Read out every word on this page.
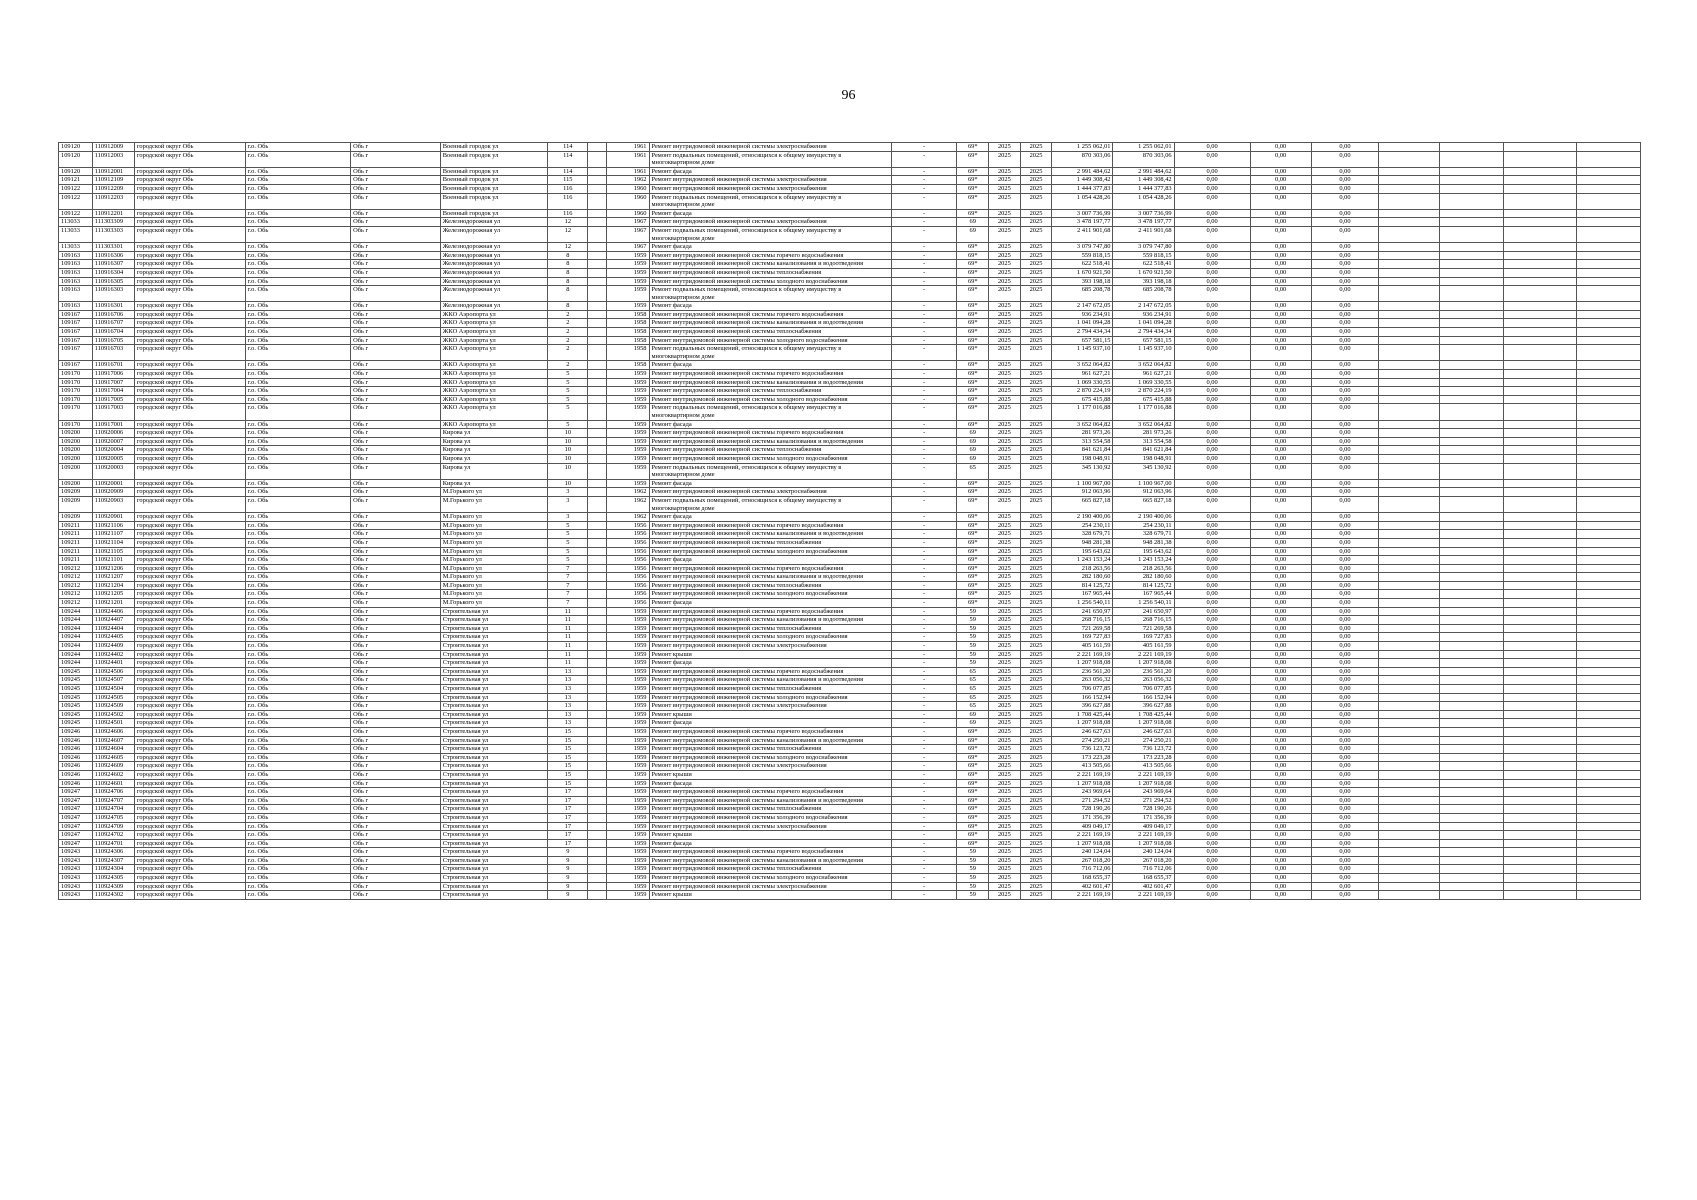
96
109120	110912009	городской округ Обь	г.о. Обь	Обь г	Военный городок ул	114		1961	Ремонт внутридомовой инженерной системы электроснабжения	-	69*	2025	2025	1 255 062,01	1 255 062,01	0,00	0,00	0,00				
109120	110912003	городской округ Обь	г.о. Обь	Обь г	Военный городок ул	114		1961	Ремонт подвальных помещений, относящихся к общему имуществу в многоквартирном доме	-	69*	2025	2025	870 303,06	870 303,06	0,00	0,00	0,00				
109120	110912001	городской округ Обь	г.о. Обь	Обь г	Военный городок ул	114		1961	Ремонт фасада	-	69*	2025	2025	2 991 484,62	2 991 484,62	0,00	0,00	0,00				
109121	110912109	городской округ Обь	г.о. Обь	Обь г	Военный городок ул	115		1962	Ремонт внутридомовой инженерной системы электроснабжения	-	69*	2025	2025	1 449 308,42	1 449 308,42	0,00	0,00	0,00				
109122	110912209	городской округ Обь	г.о. Обь	Обь г	Военный городок ул	116		1960	Ремонт внутридомовой инженерной системы электроснабжения	-	69*	2025	2025	1 444 377,83	1 444 377,83	0,00	0,00	0,00				
109122	110912203	городской округ Обь	г.о. Обь	Обь г	Военный городок ул	116		1960	Ремонт подвальных помещений, относящихся к общему имуществу в многоквартирном доме	-	69*	2025	2025	1 054 428,26	1 054 428,26	0,00	0,00	0,00				
109122	110912201	городской округ Обь	г.о. Обь	Обь г	Военный городок ул	116		1960	Ремонт фасада	-	69*	2025	2025	3 007 736,99	3 007 736,99	0,00	0,00	0,00				
113033	111303309	городской округ Обь	г.о. Обь	Обь г	Железнодорожная ул	12		1967	Ремонт внутридомовой инженерной системы электроснабжения	-	69	2025	2025	3 478 197,77	3 478 197,77	0,00	0,00	0,00				
113033	111303303	городской округ Обь	г.о. Обь	Обь г	Железнодорожная ул	12		1967	Ремонт подвальных помещений, относящихся к общему имуществу в многоквартирном доме	-	69	2025	2025	2 411 901,68	2 411 901,68	0,00	0,00	0,00				
113033	111303301	городской округ Обь	г.о. Обь	Обь г	Железнодорожная ул	12		1967	Ремонт фасада	-	69*	2025	2025	3 079 747,80	3 079 747,80	0,00	0,00	0,00				
109163	110916306	городской округ Обь	г.о. Обь	Обь г	Железнодорожная ул	8		1959	Ремонт внутридомовой инженерной системы горячего водоснабжения	-	69*	2025	2025	559 818,15	559 818,15	0,00	0,00	0,00				
109163	110916307	городской округ Обь	г.о. Обь	Обь г	Железнодорожная ул	8		1959	Ремонт внутридомовой инженерной системы канализования и водоотведения	-	69*	2025	2025	622 518,41	622 518,41	0,00	0,00	0,00				
109163	110916304	городской округ Обь	г.о. Обь	Обь г	Железнодорожная ул	8		1959	Ремонт внутридомовой инженерной системы теплоснабжения	-	69*	2025	2025	1 670 921,50	1 670 921,50	0,00	0,00	0,00				
109163	110916305	городской округ Обь	г.о. Обь	Обь г	Железнодорожная ул	8		1959	Ремонт внутридомовой инженерной системы холодного водоснабжения	-	69*	2025	2025	393 198,18	393 198,18	0,00	0,00	0,00				
109163	110916303	городской округ Обь	г.о. Обь	Обь г	Железнодорожная ул	8		1959	Ремонт подвальных помещений, относящихся к общему имуществу в многоквартирном доме	-	69*	2025	2025	685 208,78	685 208,78	0,00	0,00	0,00				
109163	110916301	городской округ Обь	г.о. Обь	Обь г	Железнодорожная ул	8		1959	Ремонт фасада	-	69*	2025	2025	2 147 672,05	2 147 672,05	0,00	0,00	0,00				
109167	110916706	городской округ Обь	г.о. Обь	Обь г	ЖКО Аэропорта ул	2		1958	Ремонт внутридомовой инженерной системы горячего водоснабжения	-	69*	2025	2025	936 234,91	936 234,91	0,00	0,00	0,00				
109167	110916707	городской округ Обь	г.о. Обь	Обь г	ЖКО Аэропорта ул	2		1958	Ремонт внутридомовой инженерной системы канализования и водоотведения	-	69*	2025	2025	1 041 094,28	1 041 094,28	0,00	0,00	0,00				
109167	110916704	городской округ Обь	г.о. Обь	Обь г	ЖКО Аэропорта ул	2		1958	Ремонт внутридомовой инженерной системы теплоснабжения	-	69*	2025	2025	2 794 434,34	2 794 434,34	0,00	0,00	0,00				
109167	110916705	городской округ Обь	г.о. Обь	Обь г	ЖКО Аэропорта ул	2		1958	Ремонт внутридомовой инженерной системы холодного водоснабжения	-	69*	2025	2025	657 581,15	657 581,15	0,00	0,00	0,00				
109167	110916703	городской округ Обь	г.о. Обь	Обь г	ЖКО Аэропорта ул	2		1958	Ремонт подвальных помещений, относящихся к общему имуществу в многоквартирном доме	-	69*	2025	2025	1 145 937,10	1 145 937,10	0,00	0,00	0,00				
109167	110916701	городской округ Обь	г.о. Обь	Обь г	ЖКО Аэропорта ул	2		1958	Ремонт фасада	-	69*	2025	2025	3 652 064,82	3 652 064,82	0,00	0,00	0,00				
109170	110917006	городской округ Обь	г.о. Обь	Обь г	ЖКО Аэропорта ул	5		1959	Ремонт внутридомовой инженерной системы горячего водоснабжения	-	69*	2025	2025	961 627,21	961 627,21	0,00	0,00	0,00				
109170	110917007	городской округ Обь	г.о. Обь	Обь г	ЖКО Аэропорта ул	5		1959	Ремонт внутридомовой инженерной системы канализования и водоотведения	-	69*	2025	2025	1 069 330,55	1 069 330,55	0,00	0,00	0,00				
109170	110917004	городской округ Обь	г.о. Обь	Обь г	ЖКО Аэропорта ул	5		1959	Ремонт внутридомовой инженерной системы теплоснабжения	-	69*	2025	2025	2 870 224,19	2 870 224,19	0,00	0,00	0,00				
109170	110917005	городской округ Обь	г.о. Обь	Обь г	ЖКО Аэропорта ул	5		1959	Ремонт внутридомовой инженерной системы холодного водоснабжения	-	69*	2025	2025	675 415,88	675 415,88	0,00	0,00	0,00				
109170	110917003	городской округ Обь	г.о. Обь	Обь г	ЖКО Аэропорта ул	5		1959	Ремонт подвальных помещений, относящихся к общему имуществу в многоквартирном доме	-	69*	2025	2025	1 177 016,88	1 177 016,88	0,00	0,00	0,00				
109170	110917001	городской округ Обь	г.о. Обь	Обь г	ЖКО Аэропорта ул	5		1959	Ремонт фасада	-	69*	2025	2025	3 652 064,82	3 652 064,82	0,00	0,00	0,00				
109200	110920006	городской округ Обь	г.о. Обь	Обь г	Кирова ул	10		1959	Ремонт внутридомовой инженерной системы горячего водоснабжения	-	69	2025	2025	281 973,26	281 973,26	0,00	0,00	0,00				
109200	110920007	городской округ Обь	г.о. Обь	Обь г	Кирова ул	10		1959	Ремонт внутридомовой инженерной системы канализования и водоотведения	-	69	2025	2025	313 554,58	313 554,58	0,00	0,00	0,00				
109200	110920004	городской округ Обь	г.о. Обь	Обь г	Кирова ул	10		1959	Ремонт внутридомовой инженерной системы теплоснабжения	-	69	2025	2025	841 621,84	841 621,84	0,00	0,00	0,00				
109200	110920005	городской округ Обь	г.о. Обь	Обь г	Кирова ул	10		1959	Ремонт внутридомовой инженерной системы холодного водоснабжения	-	69	2025	2025	198 048,91	198 048,91	0,00	0,00	0,00				
109200	110920003	городской округ Обь	г.о. Обь	Обь г	Кирова ул	10		1959	Ремонт подвальных помещений, относящихся к общему имуществу в многоквартирном доме	-	65	2025	2025	345 130,92	345 130,92	0,00	0,00	0,00				
109200	110920001	городской округ Обь	г.о. Обь	Обь г	Кирова ул	10		1959	Ремонт фасада	-	69*	2025	2025	1 100 967,00	1 100 967,00	0,00	0,00	0,00				
109209	110920909	городской округ Обь	г.о. Обь	Обь г	М.Горького ул	3		1962	Ремонт внутридомовой инженерной системы электроснабжения	-	69*	2025	2025	912 063,96	912 063,96	0,00	0,00	0,00				
109209	110920903	городской округ Обь	г.о. Обь	Обь г	М.Горького ул	3		1962	Ремонт подвальных помещений, относящихся к общему имуществу в многоквартирном доме	-	69*	2025	2025	665 827,18	665 827,18	0,00	0,00	0,00				
109209	110920901	городской округ Обь	г.о. Обь	Обь г	М.Горького ул	3		1962	Ремонт фасада	-	69*	2025	2025	2 190 400,06	2 190 400,06	0,00	0,00	0,00				
109211	110921106	городской округ Обь	г.о. Обь	Обь г	М.Горького ул	5		1956	Ремонт внутридомовой инженерной системы горячего водоснабжения	-	69*	2025	2025	254 230,11	254 230,11	0,00	0,00	0,00				
109211	110921107	городской округ Обь	г.о. Обь	Обь г	М.Горького ул	5		1956	Ремонт внутридомовой инженерной системы канализования и водоотведения	-	69*	2025	2025	328 679,71	328 679,71	0,00	0,00	0,00				
109211	110921104	городской округ Обь	г.о. Обь	Обь г	М.Горького ул	5		1956	Ремонт внутридомовой инженерной системы теплоснабжения	-	69*	2025	2025	948 281,38	948 281,38	0,00	0,00	0,00				
109211	110921105	городской округ Обь	г.о. Обь	Обь г	М.Горького ул	5		1956	Ремонт внутридомовой инженерной системы холодного водоснабжения	-	69*	2025	2025	195 643,62	195 643,62	0,00	0,00	0,00				
109211	110921101	городской округ Обь	г.о. Обь	Обь г	М.Горького ул	5		1956	Ремонт фасада	-	69*	2025	2025	1 243 153,24	1 243 153,24	0,00	0,00	0,00				
109212	110921206	городской округ Обь	г.о. Обь	Обь г	М.Горького ул	7		1956	Ремонт внутридомовой инженерной системы горячего водоснабжения	-	69*	2025	2025	218 263,56	218 263,56	0,00	0,00	0,00				
109212	110921207	городской округ Обь	г.о. Обь	Обь г	М.Горького ул	7		1956	Ремонт внутридомовой инженерной системы канализования и водоотведения	-	69*	2025	2025	282 180,60	282 180,60	0,00	0,00	0,00				
109212	110921204	городской округ Обь	г.о. Обь	Обь г	М.Горького ул	7		1956	Ремонт внутридомовой инженерной системы теплоснабжения	-	69*	2025	2025	814 125,72	814 125,72	0,00	0,00	0,00				
109212	110921205	городской округ Обь	г.о. Обь	Обь г	М.Горького ул	7		1956	Ремонт внутридомовой инженерной системы холодного водоснабжения	-	69*	2025	2025	167 965,44	167 965,44	0,00	0,00	0,00				
109212	110921201	городской округ Обь	г.о. Обь	Обь г	М.Горького ул	7		1956	Ремонт фасада	-	69*	2025	2025	1 256 540,11	1 256 540,11	0,00	0,00	0,00				
109244	110924406	городской округ Обь	г.о. Обь	Обь г	Строительная ул	11		1959	Ремонт внутридомовой инженерной системы горячего водоснабжения	-	59	2025	2025	241 650,97	241 650,97	0,00	0,00	0,00				
109244	110924407	городской округ Обь	г.о. Обь	Обь г	Строительная ул	11		1959	Ремонт внутридомовой инженерной системы канализования и водоотведения	-	59	2025	2025	268 716,15	268 716,15	0,00	0,00	0,00				
109244	110924404	городской округ Обь	г.о. Обь	Обь г	Строительная ул	11		1959	Ремонт внутридомовой инженерной системы теплоснабжения	-	59	2025	2025	721 269,58	721 269,58	0,00	0,00	0,00				
109244	110924405	городской округ Обь	г.о. Обь	Обь г	Строительная ул	11		1959	Ремонт внутридомовой инженерной системы холодного водоснабжения	-	59	2025	2025	169 727,83	169 727,83	0,00	0,00	0,00				
109244	110924409	городской округ Обь	г.о. Обь	Обь г	Строительная ул	11		1959	Ремонт внутридомовой инженерной системы электроснабжения	-	59	2025	2025	405 161,59	405 161,59	0,00	0,00	0,00				
109244	110924402	городской округ Обь	г.о. Обь	Обь г	Строительная ул	11		1959	Ремонт крыши	-	59	2025	2025	2 221 169,19	2 221 169,19	0,00	0,00	0,00				
109244	110924401	городской округ Обь	г.о. Обь	Обь г	Строительная ул	11		1959	Ремонт фасада	-	59	2025	2025	1 207 918,08	1 207 918,08	0,00	0,00	0,00				
109245	110924506	городской округ Обь	г.о. Обь	Обь г	Строительная ул	13		1959	Ремонт внутридомовой инженерной системы горячего водоснабжения	-	65	2025	2025	236 561,20	236 561,20	0,00	0,00	0,00				
109245	110924507	городской округ Обь	г.о. Обь	Обь г	Строительная ул	13		1959	Ремонт внутридомовой инженерной системы канализования и водоотведения	-	65	2025	2025	263 056,32	263 056,32	0,00	0,00	0,00				
109245	110924504	городской округ Обь	г.о. Обь	Обь г	Строительная ул	13		1959	Ремонт внутридомовой инженерной системы теплоснабжения	-	65	2025	2025	706 077,85	706 077,85	0,00	0,00	0,00				
109245	110924505	городской округ Обь	г.о. Обь	Обь г	Строительная ул	13		1959	Ремонт внутридомовой инженерной системы холодного водоснабжения	-	65	2025	2025	166 152,94	166 152,94	0,00	0,00	0,00				
109245	110924509	городской округ Обь	г.о. Обь	Обь г	Строительная ул	13		1959	Ремонт внутридомовой инженерной системы электроснабжения	-	65	2025	2025	396 627,88	396 627,88	0,00	0,00	0,00				
109245	110924502	городской округ Обь	г.о. Обь	Обь г	Строительная ул	13		1959	Ремонт крыши	-	69	2025	2025	1 708 425,44	1 708 425,44	0,00	0,00	0,00				
109245	110924501	городской округ Обь	г.о. Обь	Обь г	Строительная ул	13		1959	Ремонт фасада	-	69	2025	2025	1 207 918,08	1 207 918,08	0,00	0,00	0,00				
109246	110924606	городской округ Обь	г.о. Обь	Обь г	Строительная ул	15		1959	Ремонт внутридомовой инженерной системы горячего водоснабжения	-	69*	2025	2025	246 627,63	246 627,63	0,00	0,00	0,00				
109246	110924607	городской округ Обь	г.о. Обь	Обь г	Строительная ул	15		1959	Ремонт внутридомовой инженерной системы канализования и водоотведения	-	69*	2025	2025	274 250,21	274 250,21	0,00	0,00	0,00				
109246	110924604	городской округ Обь	г.о. Обь	Обь г	Строительная ул	15		1959	Ремонт внутридомовой инженерной системы теплоснабжения	-	69*	2025	2025	736 123,72	736 123,72	0,00	0,00	0,00				
109246	110924605	городской округ Обь	г.о. Обь	Обь г	Строительная ул	15		1959	Ремонт внутридомовой инженерной системы холодного водоснабжения	-	69*	2025	2025	173 223,28	173 223,28	0,00	0,00	0,00				
109246	110924609	городской округ Обь	г.о. Обь	Обь г	Строительная ул	15		1959	Ремонт внутридомовой инженерной системы электроснабжения	-	69*	2025	2025	413 505,66	413 505,66	0,00	0,00	0,00				
109246	110924602	городской округ Обь	г.о. Обь	Обь г	Строительная ул	15		1959	Ремонт крыши	-	69*	2025	2025	2 221 169,19	2 221 169,19	0,00	0,00	0,00				
109246	110924601	городской округ Обь	г.о. Обь	Обь г	Строительная ул	15		1959	Ремонт фасада	-	69*	2025	2025	1 207 918,08	1 207 918,08	0,00	0,00	0,00				
109247	110924706	городской округ Обь	г.о. Обь	Обь г	Строительная ул	17		1959	Ремонт внутридомовой инженерной системы горячего водоснабжения	-	69*	2025	2025	243 969,64	243 969,64	0,00	0,00	0,00				
109247	110924707	городской округ Обь	г.о. Обь	Обь г	Строительная ул	17		1959	Ремонт внутридомовой инженерной системы канализования и водоотведения	-	69*	2025	2025	271 294,52	271 294,52	0,00	0,00	0,00				
109247	110924704	городской округ Обь	г.о. Обь	Обь г	Строительная ул	17		1959	Ремонт внутридомовой инженерной системы теплоснабжения	-	69*	2025	2025	728 190,26	728 190,26	0,00	0,00	0,00				
109247	110924705	городской округ Обь	г.о. Обь	Обь г	Строительная ул	17		1959	Ремонт внутридомовой инженерной системы холодного водоснабжения	-	69*	2025	2025	171 356,39	171 356,39	0,00	0,00	0,00				
109247	110924709	городской округ Обь	г.о. Обь	Обь г	Строительная ул	17		1959	Ремонт внутридомовой инженерной системы электроснабжения	-	69*	2025	2025	409 049,17	409 049,17	0,00	0,00	0,00				
109247	110924702	городской округ Обь	г.о. Обь	Обь г	Строительная ул	17		1959	Ремонт крыши	-	69*	2025	2025	2 221 169,19	2 221 169,19	0,00	0,00	0,00				
109247	110924701	городской округ Обь	г.о. Обь	Обь г	Строительная ул	17		1959	Ремонт фасада	-	69*	2025	2025	1 207 918,08	1 207 918,08	0,00	0,00	0,00				
109243	110924306	городской округ Обь	г.о. Обь	Обь г	Строительная ул	9		1959	Ремонт внутридомовой инженерной системы горячего водоснабжения	-	59	2025	2025	240 124,04	240 124,04	0,00	0,00	0,00				
109243	110924307	городской округ Обь	г.о. Обь	Обь г	Строительная ул	9		1959	Ремонт внутридомовой инженерной системы канализования и водоотведения	-	59	2025	2025	267 018,20	267 018,20	0,00	0,00	0,00				
109243	110924304	городской округ Обь	г.о. Обь	Обь г	Строительная ул	9		1959	Ремонт внутридомовой инженерной системы теплоснабжения	-	59	2025	2025	716 712,06	716 712,06	0,00	0,00	0,00				
109243	110924305	городской округ Обь	г.о. Обь	Обь г	Строительная ул	9		1959	Ремонт внутридомовой инженерной системы холодного водоснабжения	-	59	2025	2025	168 655,37	168 655,37	0,00	0,00	0,00				
109243	110924309	городской округ Обь	г.о. Обь	Обь г	Строительная ул	9		1959	Ремонт внутридомовой инженерной системы электроснабжения	-	59	2025	2025	402 601,47	402 601,47	0,00	0,00	0,00				
109243	110924302	городской округ Обь	г.о. Обь	Обь г	Строительная ул	9		1959	Ремонт крыши	-	59	2025	2025	2 221 169,19	2 221 169,19	0,00	0,00	0,00				
